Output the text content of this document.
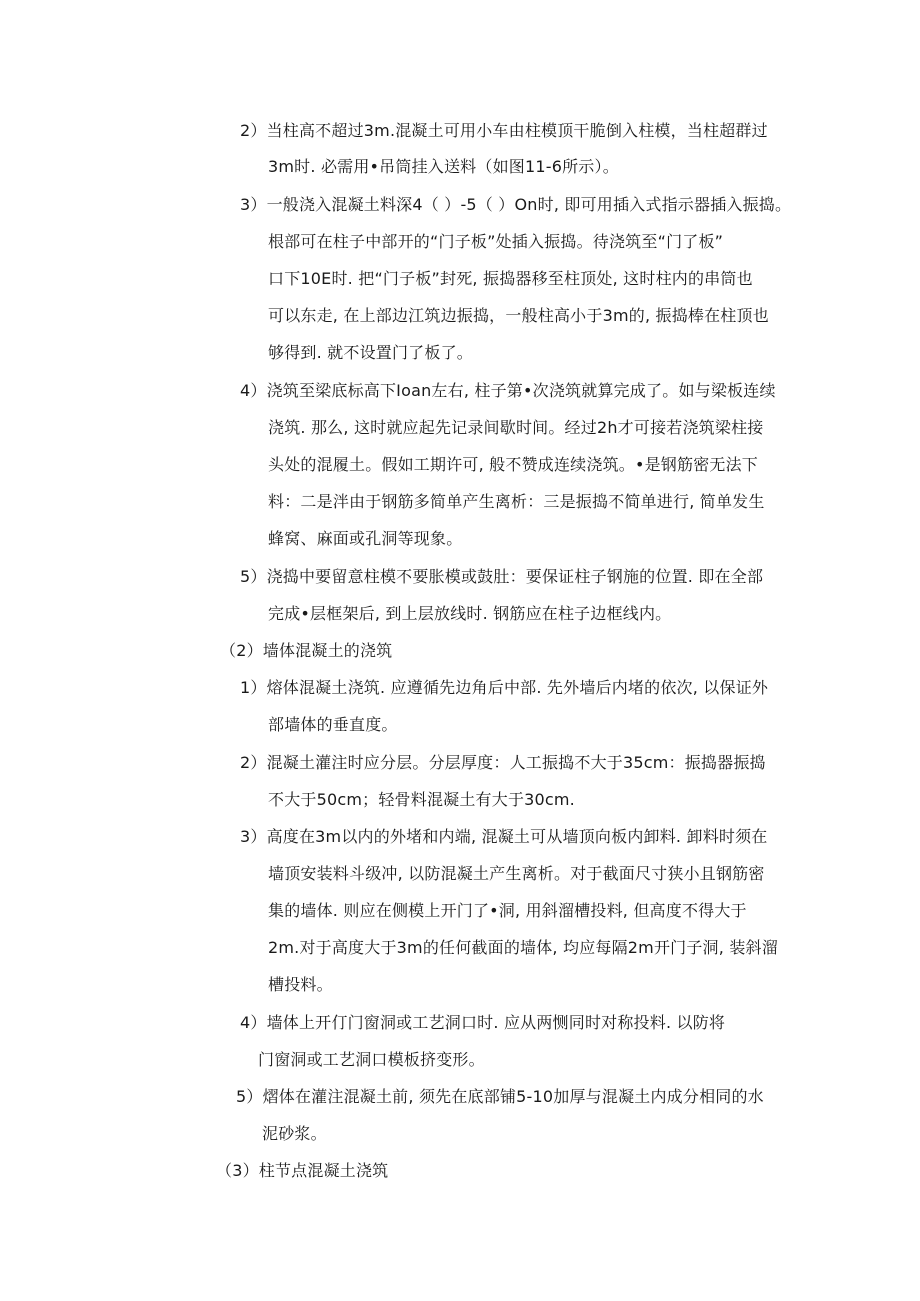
2）当柱高不超过3m.混凝土可用小车由柱模顶干脆倒入柱模，当柱超群过
3m时. 必需用•吊筒挂入送料（如图11-6所示）。
3）一般浇入混凝土料深4（ ）-5（ ）On时, 即可用插入式指示器插入振捣。
根部可在柱子中部开的“门子板”处插入振捣。待浇筑至“门了板”
口下10E时. 把“门子板”封死, 振捣器移至柱顶处, 这时柱内的串筒也
可以东走, 在上部边江筑边振捣，一般柱高小于3m的, 振捣棒在柱顶也
够得到. 就不设置门了板了。
4）浇筑至梁底标高下Ioan左右, 柱子第•次浇筑就算完成了。如与梁板连续
浇筑. 那么, 这时就应起先记录间歇时间。经过2h才可接若浇筑梁柱接
头处的混履土。假如工期许可, 般不赞成连续浇筑。•是钢筋密无法下
料：二是泮由于钢筋多简单产生离析：三是振捣不简单进行, 简单发生
蜂窝、麻面或孔洞等现象。
5）浇捣中要留意柱模不要胀模或鼓肚：要保证柱子钢施的位置. 即在全部
完成•层框架后, 到上层放线时. 钢筋应在柱子边框线内。
（2）墙体混凝土的浇筑
1）熔体混凝土浇筑. 应遵循先边角后中部. 先外墙后内堵的依次, 以保证外
部墙体的垂直度。
2）混凝土灌注时应分层。分层厚度：人工振捣不大于35cm：振捣器振捣
不大于50cm；轻骨料混凝土有大于30cm.
3）高度在3m以内的外堵和内端, 混凝土可从墙顶向板内卸料. 卸料时须在
墙顶安装料斗级冲, 以防混凝土产生离析。对于截面尺寸狭小且钢筋密
集的墙体. 则应在侧模上开门了•洞, 用斜溜槽投料, 但高度不得大于
2m.对于高度大于3m的任何截面的墙体, 均应每隔2m开门子洞, 装斜溜
槽投料。
4）墙体上开仃门窗洞或工艺洞口时. 应从两恻同时对称投料. 以防将
门窗洞或工艺洞口模板挤变形。
5）熠体在灌注混凝土前, 须先在底部铺5-10加厚与混凝土内成分相同的水
泥砂浆。
（3）柱节点混凝土浇筑
